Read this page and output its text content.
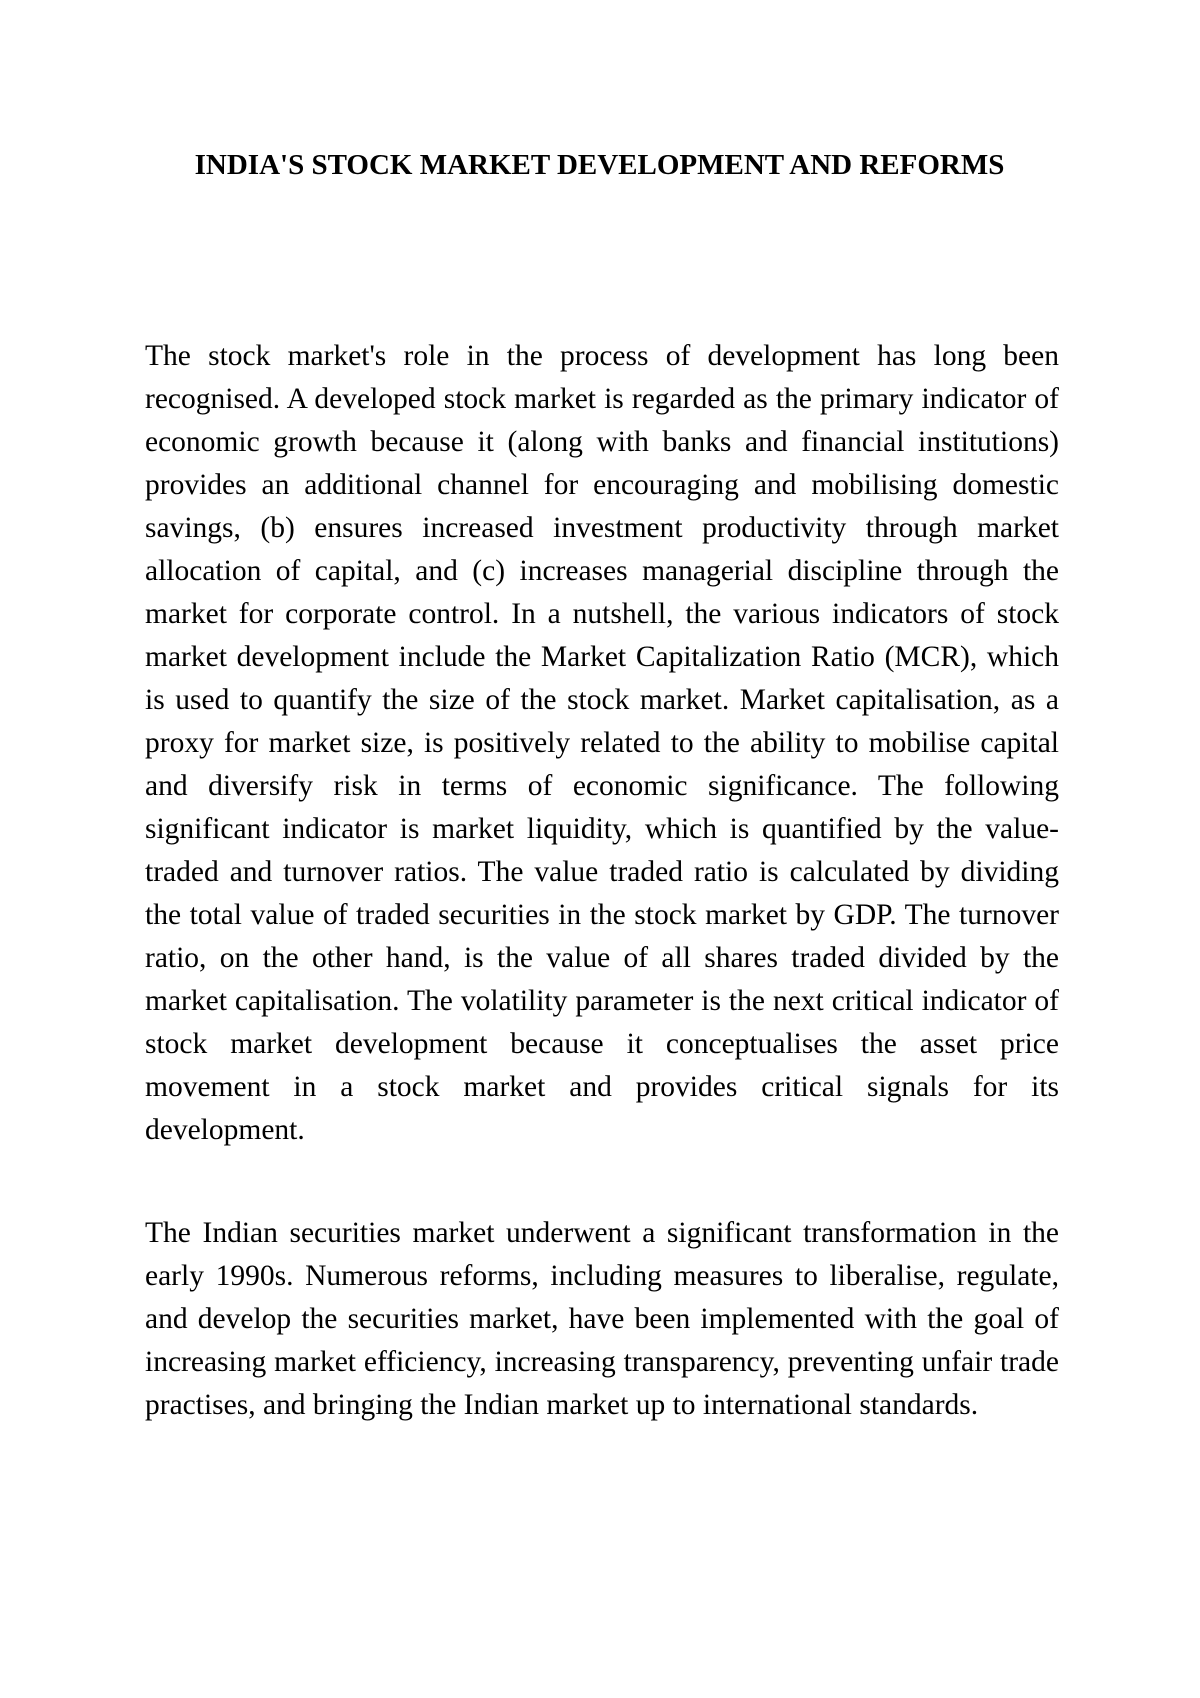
INDIA'S STOCK MARKET DEVELOPMENT AND REFORMS

The stock market's role in the process of development has long been recognised. A developed stock market is regarded as the primary indicator of economic growth because it (along with banks and financial institutions) provides an additional channel for encouraging and mobilising domestic savings, (b) ensures increased investment productivity through market allocation of capital, and (c) increases managerial discipline through the market for corporate control. In a nutshell, the various indicators of stock market development include the Market Capitalization Ratio (MCR), which is used to quantify the size of the stock market. Market capitalisation, as a proxy for market size, is positively related to the ability to mobilise capital and diversify risk in terms of economic significance. The following significant indicator is market liquidity, which is quantified by the value-traded and turnover ratios. The value traded ratio is calculated by dividing the total value of traded securities in the stock market by GDP. The turnover ratio, on the other hand, is the value of all shares traded divided by the market capitalisation. The volatility parameter is the next critical indicator of stock market development because it conceptualises the asset price movement in a stock market and provides critical signals for its development.

The Indian securities market underwent a significant transformation in the early 1990s. Numerous reforms, including measures to liberalise, regulate, and develop the securities market, have been implemented with the goal of increasing market efficiency, increasing transparency, preventing unfair trade practises, and bringing the Indian market up to international standards.
